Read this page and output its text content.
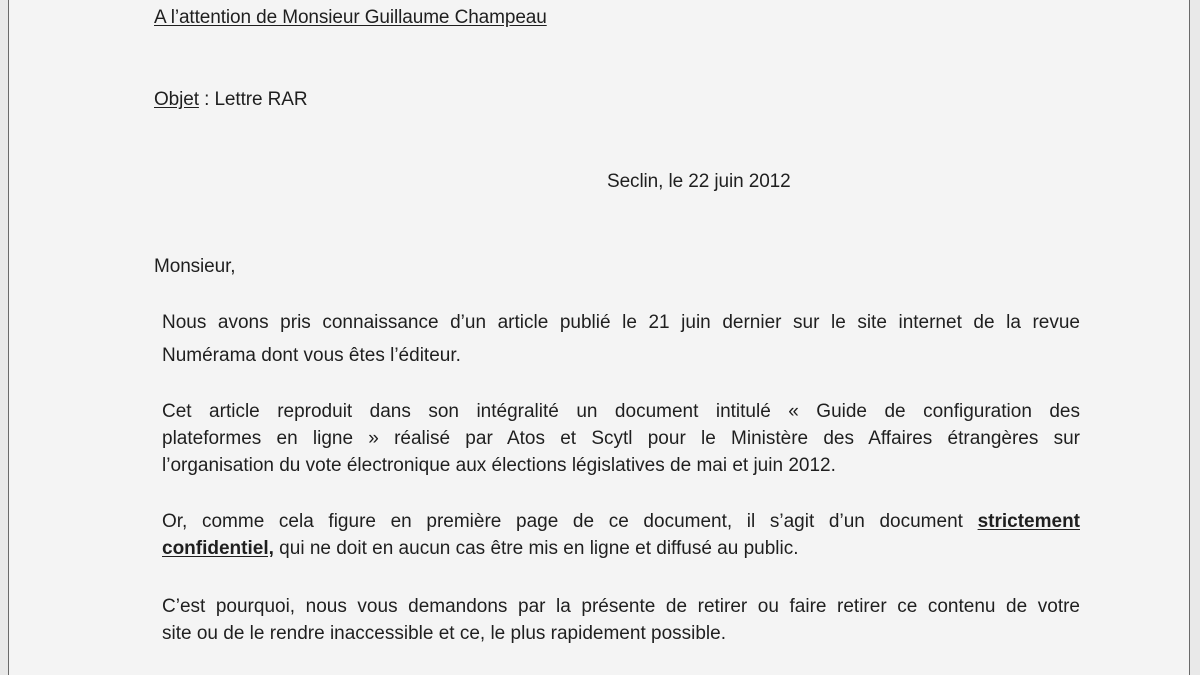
A l’attention de Monsieur Guillaume Champeau

Objet : Lettre RAR

Seclin, le 22 juin 2012

Monsieur,

Nous avons pris connaissance d’un article publié le 21 juin dernier sur le site internet de la revue

Numérama dont vous êtes l’éditeur.

Cet article reproduit dans son intégralité un document intitulé « Guide de configuration des

plateformes en ligne » réalisé par Atos et Scytl pour le Ministère des Affaires étrangères sur

l’organisation du vote électronique aux élections législatives de mai et juin 2012.

Or, comme cela figure en première page de ce document, il s’agit d’un document strictement

confidentiel, qui ne doit en aucun cas être mis en ligne et diffusé au public.

C’est pourquoi, nous vous demandons par la présente de retirer ou faire retirer ce contenu de votre

site ou de le rendre inaccessible et ce, le plus rapidement possible.
